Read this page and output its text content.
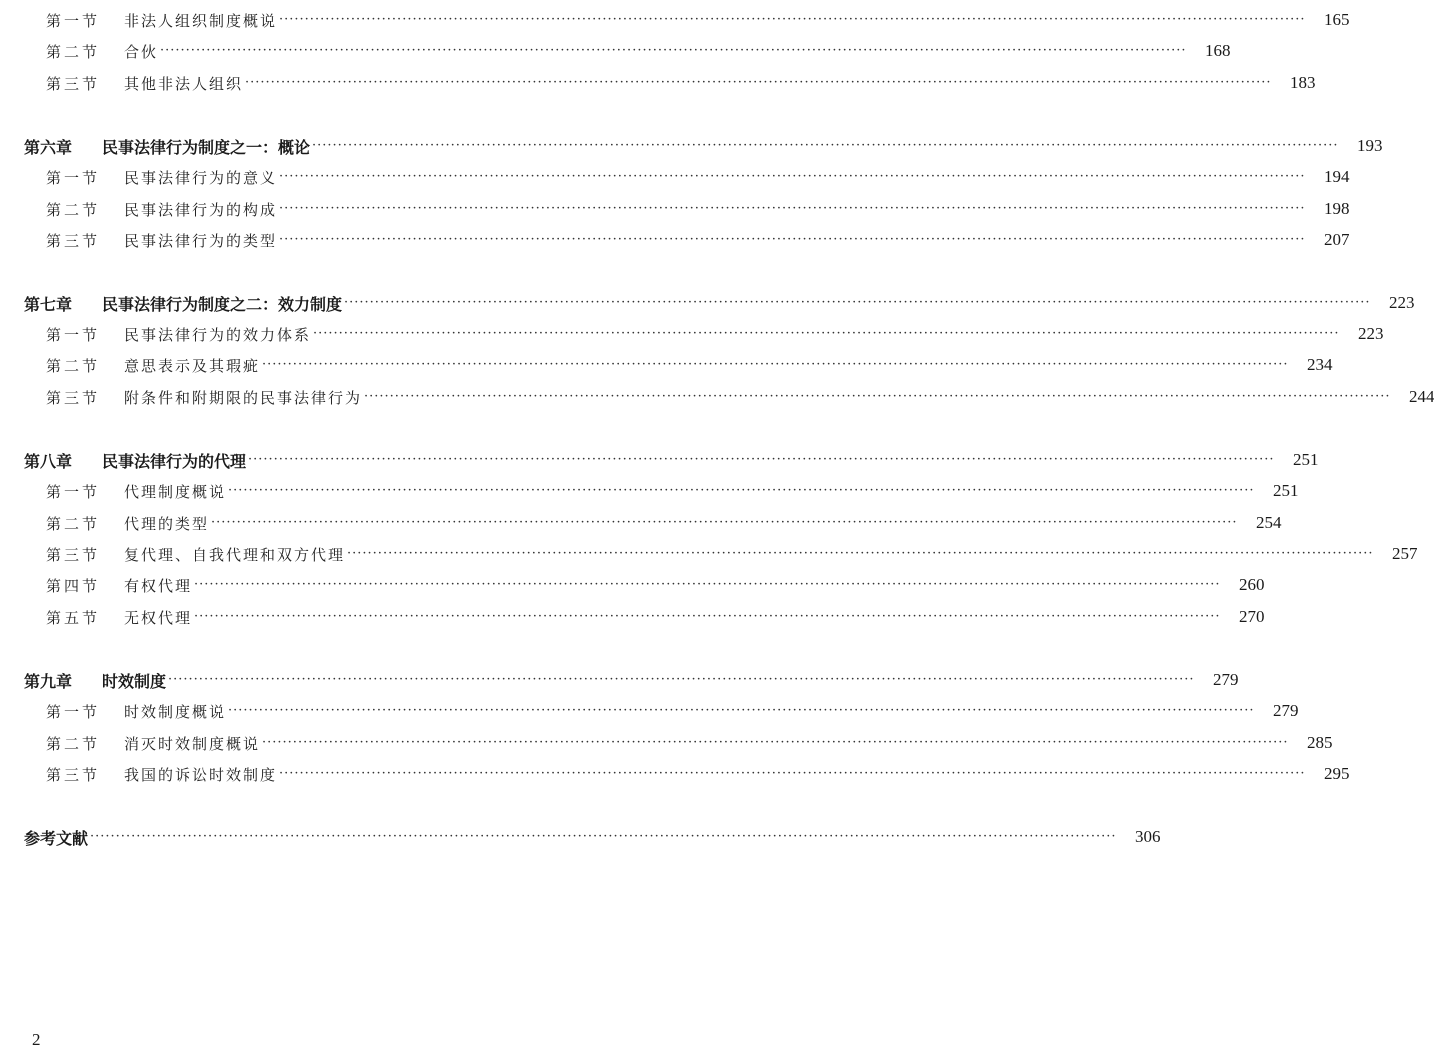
第一节	非法人组织制度概说 ········································································································································································································	165
第二节	合伙 ········································································································································································································	168
第三节	其他非法人组织 ········································································································································································································	183
第六章	民事法律行为制度之一：概论 ········································································································································································································	193
第一节	民事法律行为的意义 ········································································································································································································	194
第二节	民事法律行为的构成 ········································································································································································································	198
第三节	民事法律行为的类型 ········································································································································································································	207
第七章	民事法律行为制度之二：效力制度 ········································································································································································································	223
第一节	民事法律行为的效力体系 ········································································································································································································	223
第二节	意思表示及其瑕疵 ········································································································································································································	234
第三节	附条件和附期限的民事法律行为 ········································································································································································································	244
第八章	民事法律行为的代理 ········································································································································································································	251
第一节	代理制度概说 ········································································································································································································	251
第二节	代理的类型 ········································································································································································································	254
第三节	复代理、自我代理和双方代理 ········································································································································································································	257
第四节	有权代理 ········································································································································································································	260
第五节	无权代理 ········································································································································································································	270
第九章	时效制度 ········································································································································································································	279
第一节	时效制度概说 ········································································································································································································	279
第二节	消灭时效制度概说 ········································································································································································································	285
第三节	我国的诉讼时效制度 ········································································································································································································	295
参考文献 ········································································································································································································	306
2
